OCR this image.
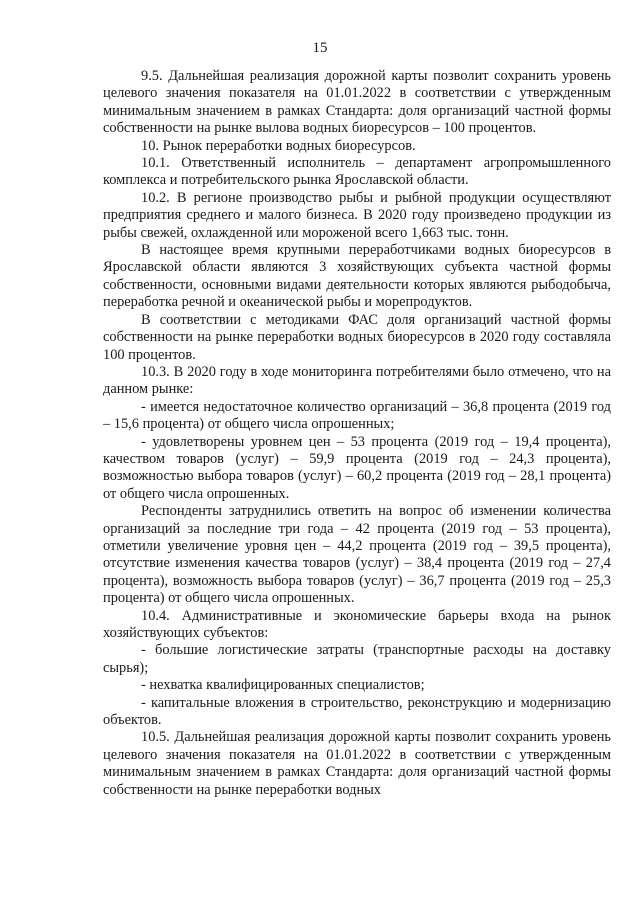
15

9.5. Дальнейшая реализация дорожной карты позволит сохранить уровень целевого значения показателя на 01.01.2022 в соответствии с утвержденным минимальным значением в рамках Стандарта: доля организаций частной формы собственности на рынке вылова водных биоресурсов – 100 процентов.

10. Рынок переработки водных биоресурсов.

10.1. Ответственный исполнитель – департамент агропромышленного комплекса и потребительского рынка Ярославской области.

10.2. В регионе производство рыбы и рыбной продукции осуществляют предприятия среднего и малого бизнеса. В 2020 году произведено продукции из рыбы свежей, охлажденной или мороженой всего 1,663 тыс. тонн.

В настоящее время крупными переработчиками водных биоресурсов в Ярославской области являются 3 хозяйствующих субъекта частной формы собственности, основными видами деятельности которых являются рыбодобыча, переработка речной и океанической рыбы и морепродуктов.

В соответствии с методиками ФАС доля организаций частной формы собственности на рынке переработки водных биоресурсов в 2020 году составляла 100 процентов.

10.3. В 2020 году в ходе мониторинга потребителями было отмечено, что на данном рынке:

- имеется недостаточное количество организаций – 36,8 процента (2019 год – 15,6 процента) от общего числа опрошенных;

- удовлетворены уровнем цен – 53 процента (2019 год – 19,4 процента), качеством товаров (услуг) – 59,9 процента (2019 год – 24,3 процента), возможностью выбора товаров (услуг) – 60,2 процента (2019 год – 28,1 процента) от общего числа опрошенных.

Респонденты затруднились ответить на вопрос об изменении количества организаций за последние три года – 42 процента (2019 год – 53 процента), отметили увеличение уровня цен – 44,2 процента (2019 год – 39,5 процента), отсутствие изменения качества товаров (услуг) – 38,4 процента (2019 год – 27,4 процента), возможность выбора товаров (услуг) – 36,7 процента (2019 год – 25,3 процента) от общего числа опрошенных.

10.4. Административные и экономические барьеры входа на рынок хозяйствующих субъектов:

- большие логистические затраты (транспортные расходы на доставку сырья);

- нехватка квалифицированных специалистов;

- капитальные вложения в строительство, реконструкцию и модернизацию объектов.

10.5. Дальнейшая реализация дорожной карты позволит сохранить уровень целевого значения показателя на 01.01.2022 в соответствии с утвержденным минимальным значением в рамках Стандарта: доля организаций частной формы собственности на рынке переработки водных
